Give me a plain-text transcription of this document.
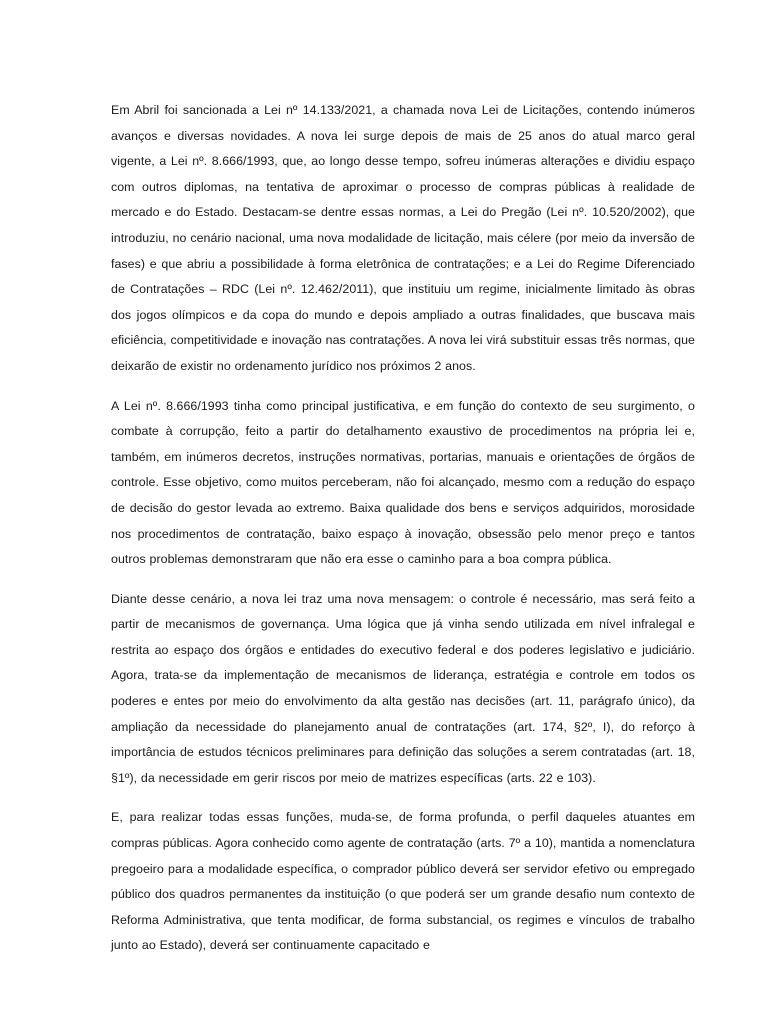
Em Abril foi sancionada a Lei nº 14.133/2021, a chamada nova Lei de Licitações, contendo inúmeros avanços e diversas novidades. A nova lei surge depois de mais de 25 anos do atual marco geral vigente, a Lei nº. 8.666/1993, que, ao longo desse tempo, sofreu inúmeras alterações e dividiu espaço com outros diplomas, na tentativa de aproximar o processo de compras públicas à realidade de mercado e do Estado. Destacam-se dentre essas normas, a Lei do Pregão (Lei nº. 10.520/2002), que introduziu, no cenário nacional, uma nova modalidade de licitação, mais célere (por meio da inversão de fases) e que abriu a possibilidade à forma eletrônica de contratações; e a Lei do Regime Diferenciado de Contratações – RDC (Lei nº. 12.462/2011), que instituiu um regime, inicialmente limitado às obras dos jogos olímpicos e da copa do mundo e depois ampliado a outras finalidades, que buscava mais eficiência, competitividade e inovação nas contratações. A nova lei virá substituir essas três normas, que deixarão de existir no ordenamento jurídico nos próximos 2 anos.

A Lei nº. 8.666/1993 tinha como principal justificativa, e em função do contexto de seu surgimento, o combate à corrupção, feito a partir do detalhamento exaustivo de procedimentos na própria lei e, também, em inúmeros decretos, instruções normativas, portarias, manuais e orientações de órgãos de controle. Esse objetivo, como muitos perceberam, não foi alcançado, mesmo com a redução do espaço de decisão do gestor levada ao extremo. Baixa qualidade dos bens e serviços adquiridos, morosidade nos procedimentos de contratação, baixo espaço à inovação, obsessão pelo menor preço e tantos outros problemas demonstraram que não era esse o caminho para a boa compra pública.

Diante desse cenário, a nova lei traz uma nova mensagem: o controle é necessário, mas será feito a partir de mecanismos de governança. Uma lógica que já vinha sendo utilizada em nível infralegal e restrita ao espaço dos órgãos e entidades do executivo federal e dos poderes legislativo e judiciário. Agora, trata-se da implementação de mecanismos de liderança, estratégia e controle em todos os poderes e entes por meio do envolvimento da alta gestão nas decisões (art. 11, parágrafo único), da ampliação da necessidade do planejamento anual de contratações (art. 174, §2º, I), do reforço à importância de estudos técnicos preliminares para definição das soluções a serem contratadas (art. 18, §1º), da necessidade em gerir riscos por meio de matrizes específicas (arts. 22 e 103).

E, para realizar todas essas funções, muda-se, de forma profunda, o perfil daqueles atuantes em compras públicas. Agora conhecido como agente de contratação (arts. 7º a 10), mantida a nomenclatura pregoeiro para a modalidade específica, o comprador público deverá ser servidor efetivo ou empregado público dos quadros permanentes da instituição (o que poderá ser um grande desafio num contexto de Reforma Administrativa, que tenta modificar, de forma substancial, os regimes e vínculos de trabalho junto ao Estado), deverá ser continuamente capacitado e
